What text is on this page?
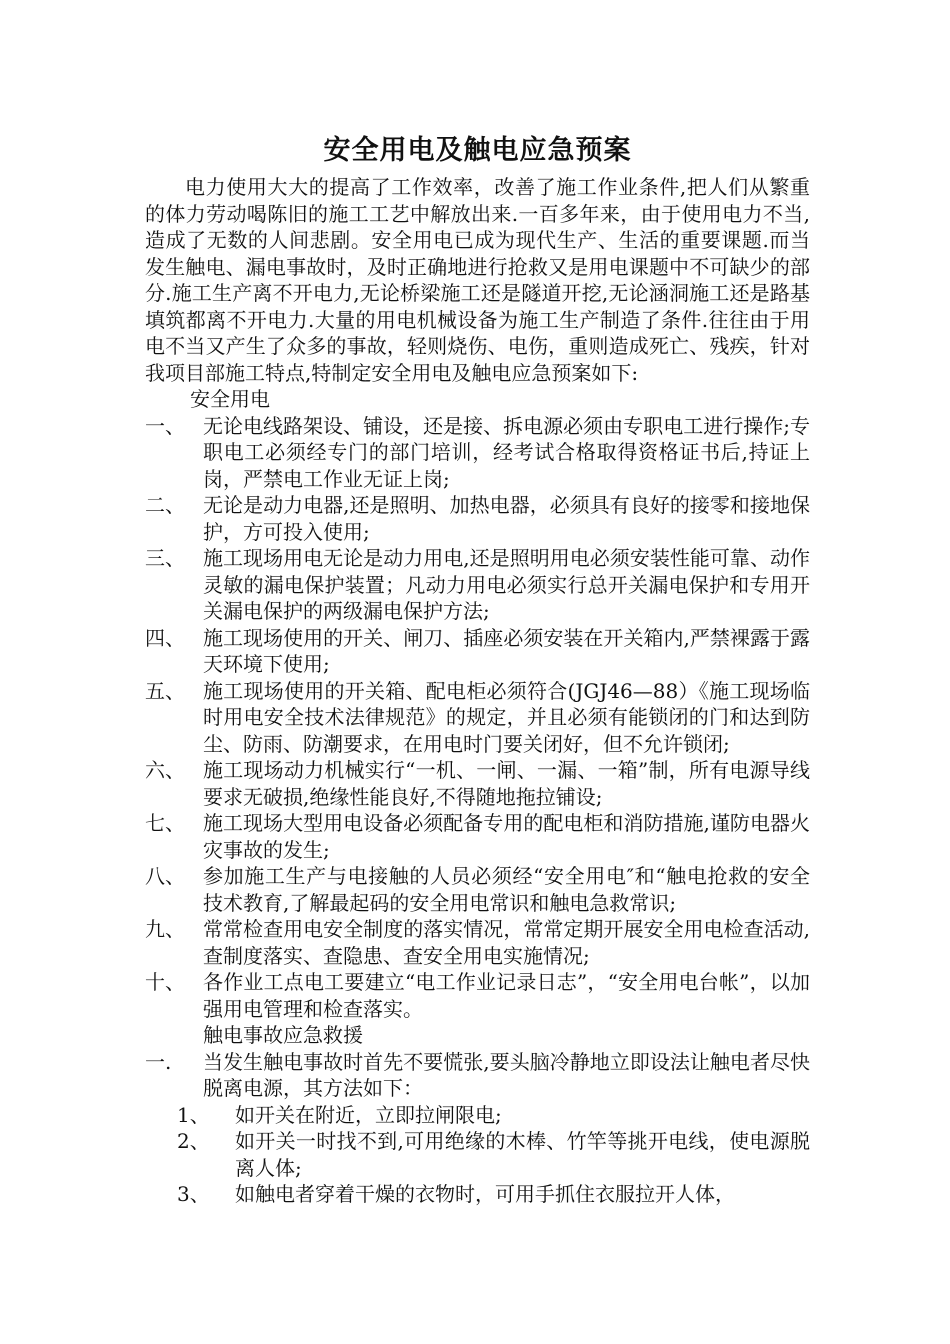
安全用电及触电应急预案

电力使用大大的提高了工作效率，改善了施工作业条件,把人们从繁重的体力劳动喝陈旧的施工工艺中解放出来.一百多年来，由于使用电力不当,造成了无数的人间悲剧。安全用电已成为现代生产、生活的重要课题.而当发生触电、漏电事故时，及时正确地进行抢救又是用电课题中不可缺少的部分.施工生产离不开电力,无论桥梁施工还是隧道开挖,无论涵洞施工还是路基填筑都离不开电力.大量的用电机械设备为施工生产制造了条件.往往由于用电不当又产生了众多的事故，轻则烧伤、电伤，重则造成死亡、残疾，针对我项目部施工特点,特制定安全用电及触电应急预案如下:

安全用电

一、 无论电线路架设、铺设，还是接、拆电源必须由专职电工进行操作;专职电工必须经专门的部门培训，经考试合格取得资格证书后,持证上岗，严禁电工作业无证上岗;
二、 无论是动力电器,还是照明、加热电器，必须具有良好的接零和接地保护，方可投入使用;
三、 施工现场用电无论是动力用电,还是照明用电必须安装性能可靠、动作灵敏的漏电保护装置；凡动力用电必须实行总开关漏电保护和专用开关漏电保护的两级漏电保护方法;
四、 施工现场使用的开关、闸刀、插座必须安装在开关箱内,严禁裸露于露天环境下使用;
五、 施工现场使用的开关箱、配电柜必须符合(JGJ46—88）《施工现场临时用电安全技术法律规范》的规定，并且必须有能锁闭的门和达到防尘、防雨、防潮要求，在用电时门要关闭好，但不允许锁闭;
六、 施工现场动力机械实行“一机、一闸、一漏、一箱”制，所有电源导线要求无破损,绝缘性能良好,不得随地拖拉铺设;
七、 施工现场大型用电设备必须配备专用的配电柜和消防措施,谨防电器火灾事故的发生;
八、 参加施工生产与电接触的人员必须经“安全用电″和“触电抢救的安全技术教育,了解最起码的安全用电常识和触电急救常识;
九、 常常检查用电安全制度的落实情况，常常定期开展安全用电检查活动,查制度落实、查隐患、查安全用电实施情况;
十、 各作业工点电工要建立“电工作业记录日志”，“安全用电台帐”，以加强用电管理和检查落实。

触电事故应急救援

一.	当发生触电事故时首先不要慌张,要头脑冷静地立即设法让触电者尽快脱离电源，其方法如下：
1、	如开关在附近，立即拉闸限电;
2、	如开关一时找不到,可用绝缘的木棒、竹竿等挑开电线，使电源脱离人体;
3、	如触电者穿着干燥的衣物时，可用手抓住衣服拉开人体，
